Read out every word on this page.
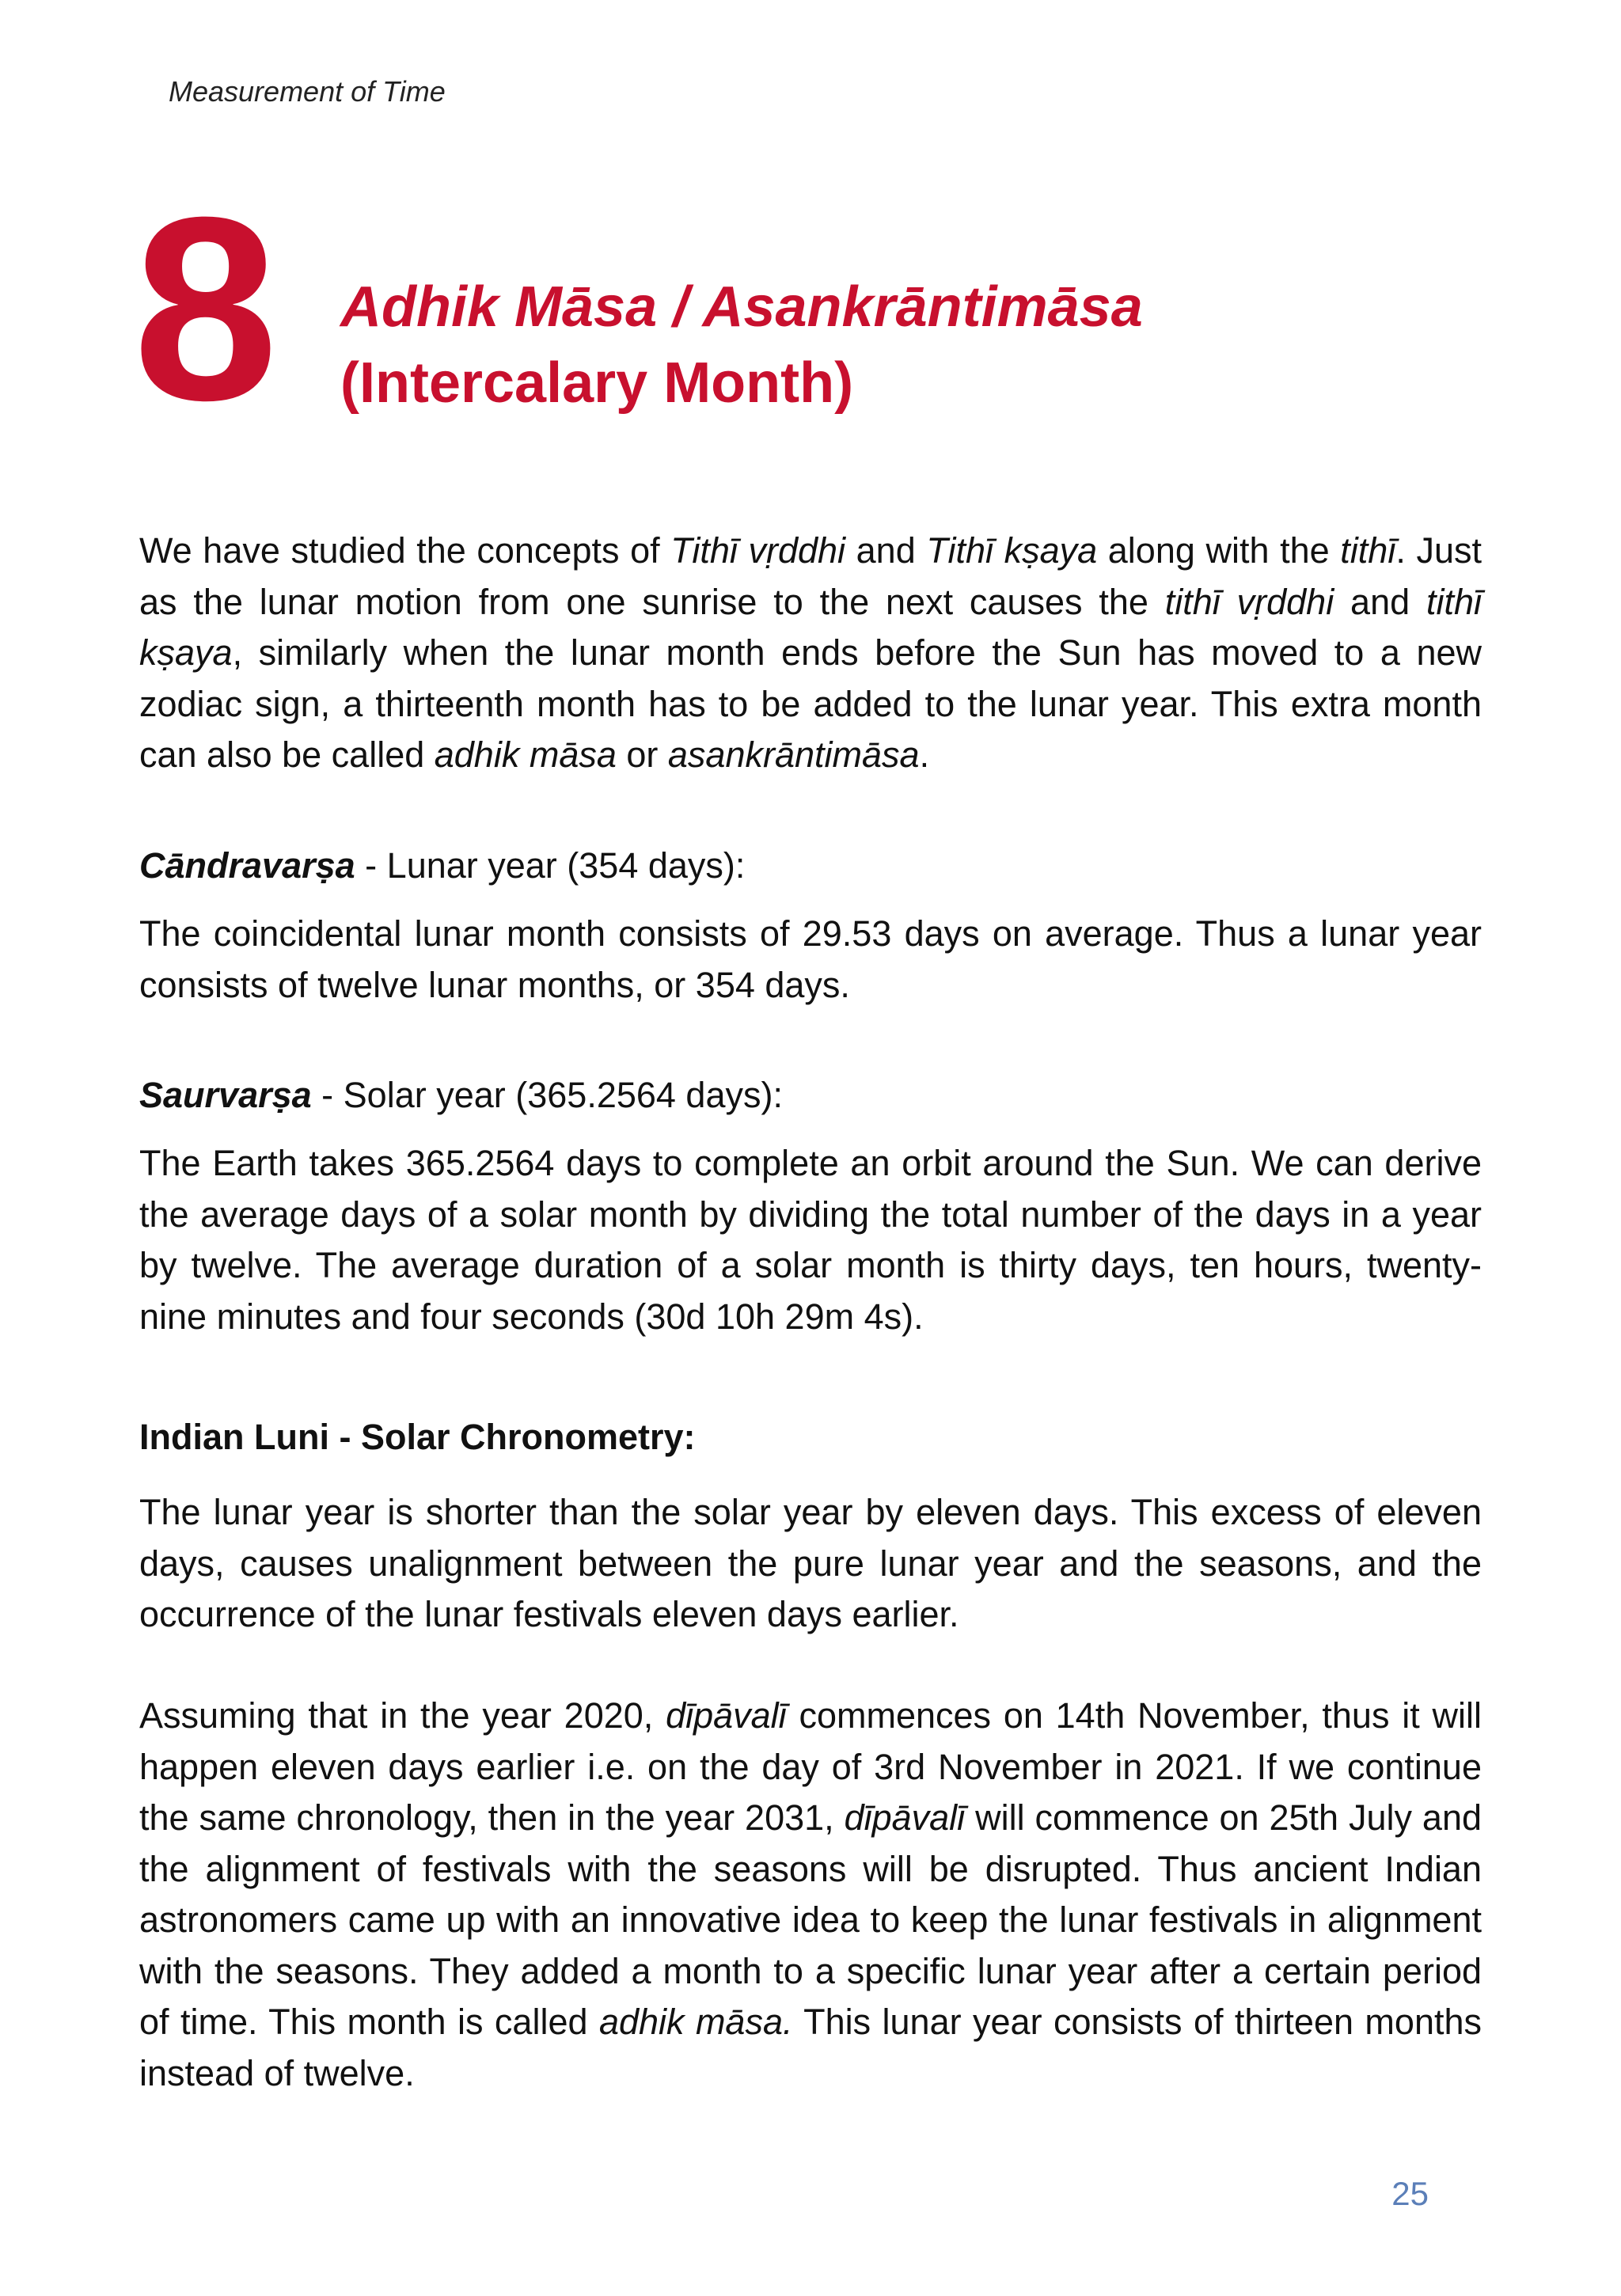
Measurement of Time
8 Adhik Māsa / Asankrāntimāsa
(Intercalary Month)

We have studied the concepts of Tithī vṛddhi and Tithī kṣaya along with the tithī. Just as the lunar motion from one sunrise to the next causes the tithī vṛddhi and tithī kṣaya, similarly when the lunar month ends before the Sun has moved to a new zodiac sign, a thirteenth month has to be added to the lunar year. This extra month can also be called adhik māsa or asankrāntimāsa.

Cāndravarṣa - Lunar year (354 days):

The coincidental lunar month consists of 29.53 days on average. Thus a lunar year consists of twelve lunar months, or 354 days.

Saurvarṣa - Solar year (365.2564 days):

The Earth takes 365.2564 days to complete an orbit around the Sun. We can derive the average days of a solar month by dividing the total number of the days in a year by twelve. The average duration of a solar month is thirty days, ten hours, twenty-nine minutes and four seconds (30d 10h 29m 4s).

Indian Luni - Solar Chronometry:

The lunar year is shorter than the solar year by eleven days. This excess of eleven days, causes unalignment between the pure lunar year and the seasons, and the occurrence of the lunar festivals eleven days earlier.

Assuming that in the year 2020, dīpāvalī commences on 14th November, thus it will happen eleven days earlier i.e. on the day of 3rd November in 2021. If we continue the same chronology, then in the year 2031, dīpāvalī will commence on 25th July and the alignment of festivals with the seasons will be disrupted. Thus ancient Indian astronomers came up with an innovative idea to keep the lunar festivals in alignment with the seasons. They added a month to a specific lunar year after a certain period of time. This month is called adhik māsa. This lunar year consists of thirteen months instead of twelve.

25
